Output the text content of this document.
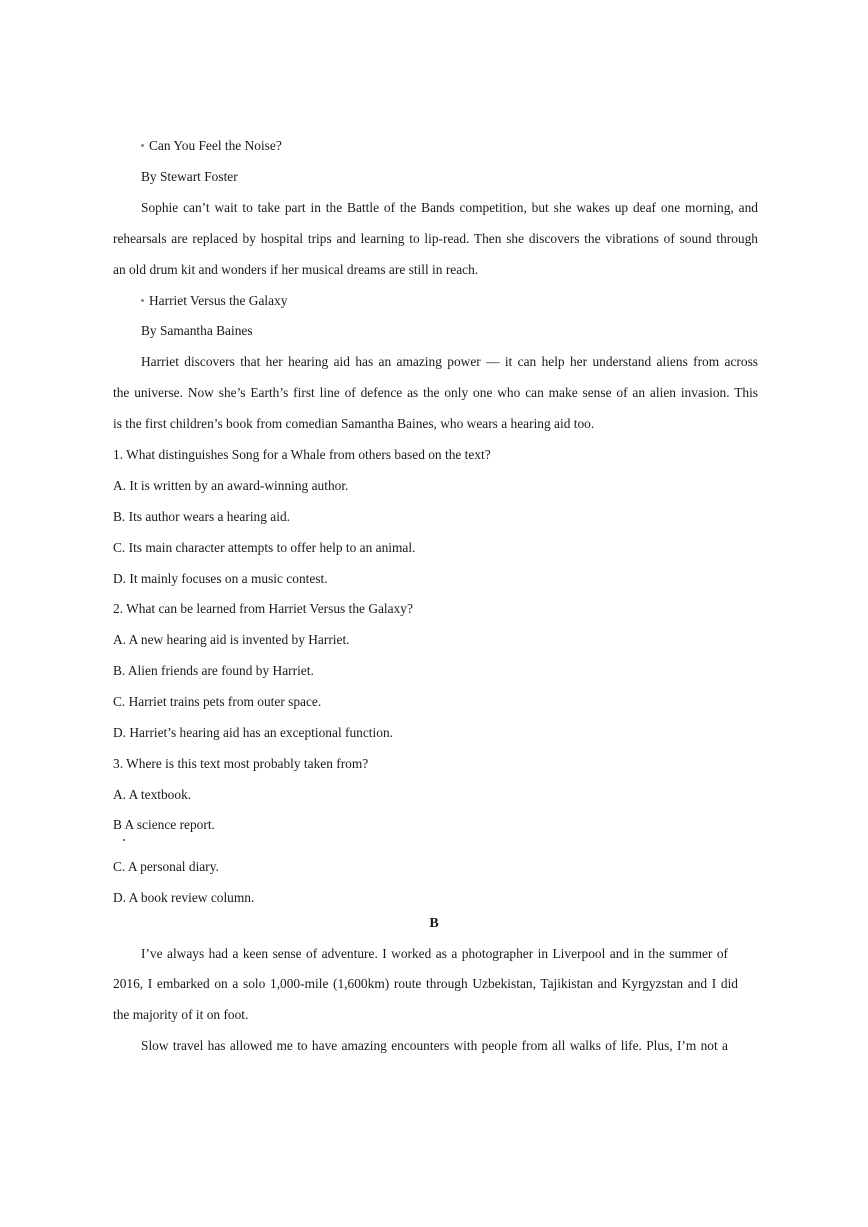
Can You Feel the Noise?
By Stewart Foster
Sophie can’t wait to take part in the Battle of the Bands competition, but she wakes up deaf one morning, and
rehearsals are replaced by hospital trips and learning to lip-read. Then she discovers the vibrations of sound through
an old drum kit and wonders if her musical dreams are still in reach.
Harriet Versus the Galaxy
By Samantha Baines
Harriet discovers that her hearing aid has an amazing power — it can help her understand aliens from across
the universe. Now she’s Earth’s first line of defence as the only one who can make sense of an alien invasion. This
is the first children’s book from comedian Samantha Baines, who wears a hearing aid too.
1. What distinguishes Song for a Whale from others based on the text?
A. It is written by an award-winning author.
B. Its author wears a hearing aid.
C. Its main character attempts to offer help to an animal.
D. It mainly focuses on a music contest.
2. What can be learned from Harriet Versus the Galaxy?
A. A new hearing aid is invented by Harriet.
B. Alien friends are found by Harriet.
C. Harriet trains pets from outer space.
D. Harriet’s hearing aid has an exceptional function.
3. Where is this text most probably taken from?
A. A textbook.
B A science report.
C. A personal diary.
D. A book review column.
B
I’ve always had a keen sense of adventure. I worked as a photographer in Liverpool and in the summer of
2016, I embarked on a solo 1,000-mile (1,600km) route through Uzbekistan, Tajikistan and Kyrgyzstan and I did
the majority of it on foot.
Slow travel has allowed me to have amazing encounters with people from all walks of life. Plus, I’m not a
